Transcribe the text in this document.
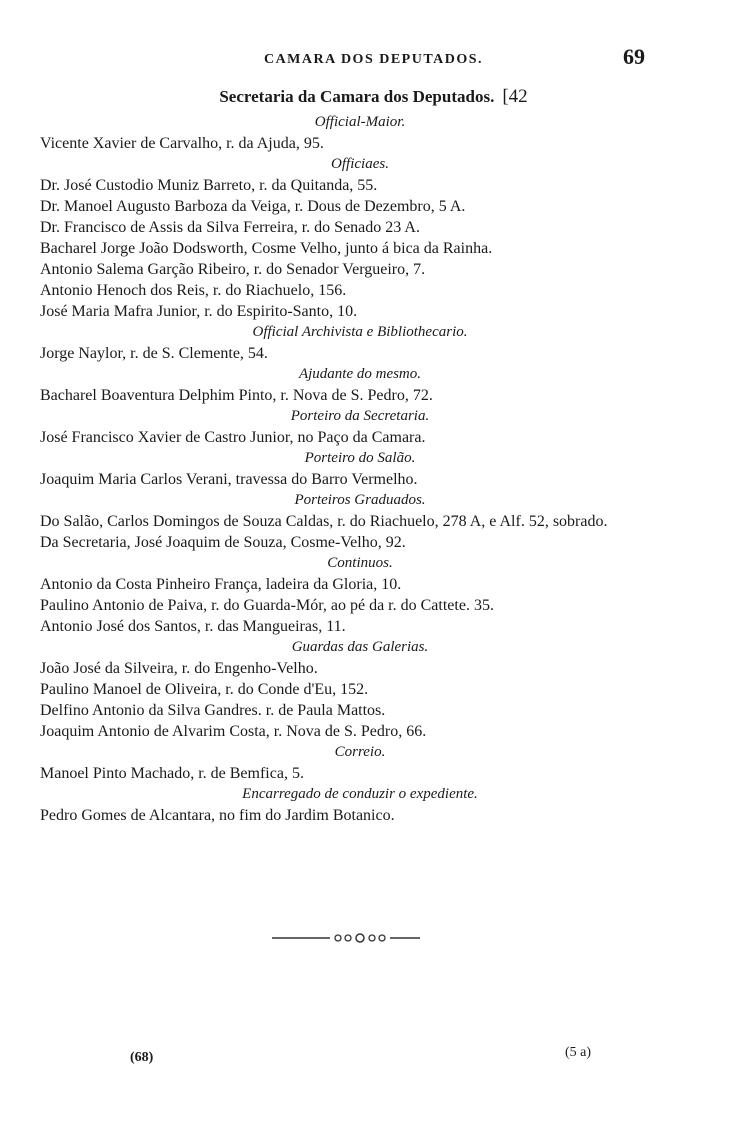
CAMARA DOS DEPUTADOS.	69
Secretaria da Camara dos Deputados. [42
Official-Maior.
Vicente Xavier de Carvalho, r. da Ajuda, 95.
Officiaes.
Dr. José Custodio Muniz Barreto, r. da Quitanda, 55.
Dr. Manoel Augusto Barboza da Veiga, r. Dous de Dezembro, 5 A.
Dr. Francisco de Assis da Silva Ferreira, r. do Senado 23 A.
Bacharel Jorge João Dodsworth, Cosme Velho, junto á bica da Rainha.
Antonio Salema Garção Ribeiro, r. do Senador Vergueiro, 7.
Antonio Henoch dos Reis, r. do Riachuelo, 156.
José Maria Mafra Junior, r. do Espirito-Santo, 10.
Official Archivista e Bibliothecario.
Jorge Naylor, r. de S. Clemente, 54.
Ajudante do mesmo.
Bacharel Boaventura Delphim Pinto, r. Nova de S. Pedro, 72.
Porteiro da Secretaria.
José Francisco Xavier de Castro Junior, no Paço da Camara.
Porteiro do Salão.
Joaquim Maria Carlos Verani, travessa do Barro Vermelho.
Porteiros Graduados.
Do Salão, Carlos Domingos de Souza Caldas, r. do Riachuelo, 278 A, e Alf. 52, sobrado.
Da Secretaria, José Joaquim de Souza, Cosme-Velho, 92.
Continuos.
Antonio da Costa Pinheiro França, ladeira da Gloria, 10.
Paulino Antonio de Paiva, r. do Guarda-Mór, ao pé da r. do Cattete. 35.
Antonio José dos Santos, r. das Mangueiras, 11.
Guardas das Galerias.
João José da Silveira, r. do Engenho-Velho.
Paulino Manoel de Oliveira, r. do Conde d'Eu, 152.
Delfino Antonio da Silva Gandres. r. de Paula Mattos.
Joaquim Antonio de Alvarim Costa, r. Nova de S. Pedro, 66.
Correio.
Manoel Pinto Machado, r. de Bemfica, 5.
Encarregado de conduzir o expediente.
Pedro Gomes de Alcantara, no fim do Jardim Botanico.
(68)	(5 a)
